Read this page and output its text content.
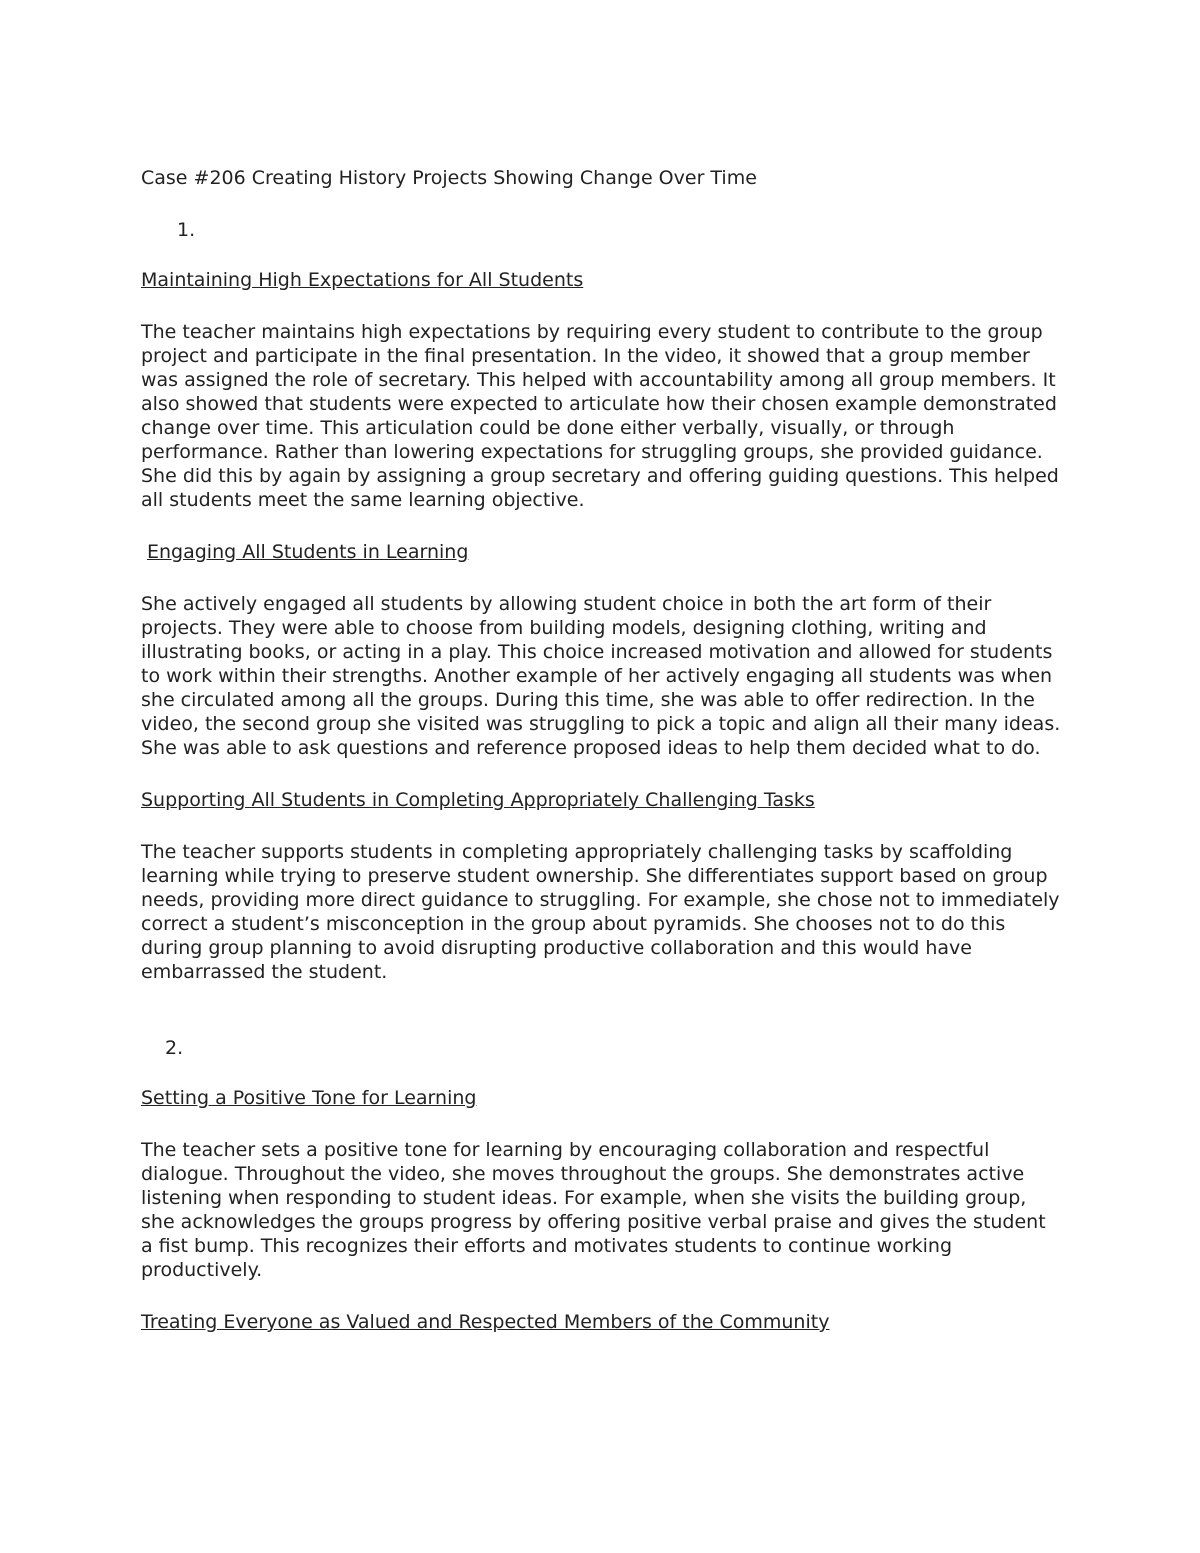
Case #206 Creating History Projects Showing Change Over Time
1.
Maintaining High Expectations for All Students

The teacher maintains high expectations by requiring every student to contribute to the group project and participate in the final presentation. In the video, it showed that a group member was assigned the role of secretary. This helped with accountability among all group members. It also showed that students were expected to articulate how their chosen example demonstrated change over time. This articulation could be done either verbally, visually, or through performance. Rather than lowering expectations for struggling groups, she provided guidance. She did this by again by assigning a group secretary and offering guiding questions. This helped all students meet the same learning objective.

Engaging All Students in Learning

She actively engaged all students by allowing student choice in both the art form of their projects. They were able to choose from building models, designing clothing, writing and illustrating books, or acting in a play. This choice increased motivation and allowed for students to work within their strengths. Another example of her actively engaging all students was when she circulated among all the groups. During this time, she was able to offer redirection. In the video, the second group she visited was struggling to pick a topic and align all their many ideas. She was able to ask questions and reference proposed ideas to help them decided what to do.

Supporting All Students in Completing Appropriately Challenging Tasks

The teacher supports students in completing appropriately challenging tasks by scaffolding learning while trying to preserve student ownership. She differentiates support based on group needs, providing more direct guidance to struggling. For example, she chose not to immediately correct a student’s misconception in the group about pyramids. She chooses not to do this during group planning to avoid disrupting productive collaboration and this would have embarrassed the student.

2.
Setting a Positive Tone for Learning

The teacher sets a positive tone for learning by encouraging collaboration and respectful dialogue. Throughout the video, she moves throughout the groups. She demonstrates active listening when responding to student ideas. For example, when she visits the building group, she acknowledges the groups progress by offering positive verbal praise and gives the student a fist bump. This recognizes their efforts and motivates students to continue working productively.

Treating Everyone as Valued and Respected Members of the Community
